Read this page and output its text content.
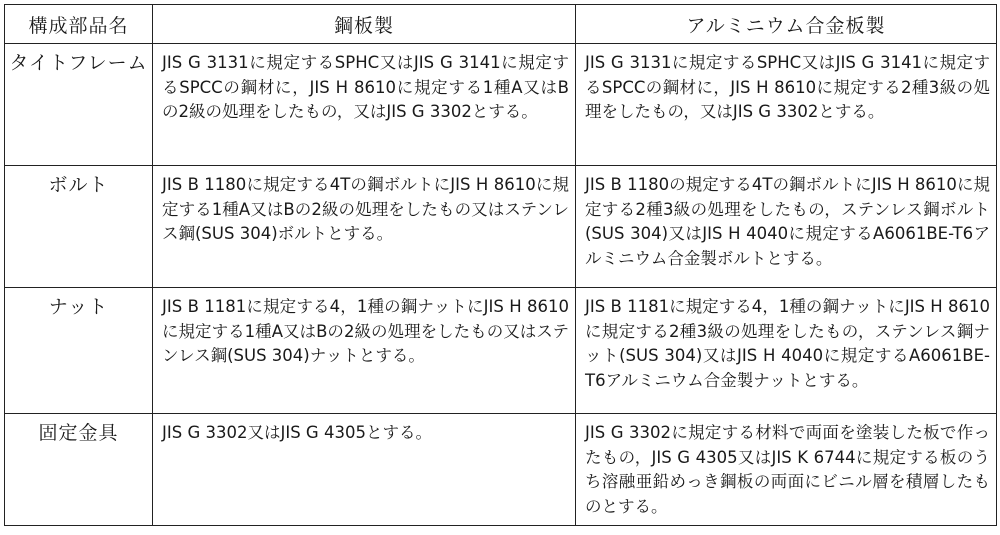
構成部品名	鋼板製	アルミニウム合金板製
タイトフレーム	JIS G 3131に規定するSPHC又はJIS G 3141に規定するSPCCの鋼材に，JIS H 8610に規定する1種A又はBの2級の処理をしたもの，又はJIS G 3302とする。	JIS G 3131に規定するSPHC又はJIS G 3141に規定するSPCCの鋼材に，JIS H 8610に規定する2種3級の処理をしたもの，又はJIS G 3302とする。
ボルト	JIS B 1180に規定する4Tの鋼ボルトにJIS H 8610に規定する1種A又はBの2級の処理をしたもの又はステンレス鋼(SUS 304)ボルトとする。	JIS B 1180の規定する4Tの鋼ボルトにJIS H 8610に規定する2種3級の処理をしたもの，ステンレス鋼ボルト(SUS 304)又はJIS H 4040に規定するA6061BE-T6アルミニウム合金製ボルトとする。
ナット	JIS B 1181に規定する4，1種の鋼ナットにJIS H 8610に規定する1種A又はBの2級の処理をしたもの又はステンレス鋼(SUS 304)ナットとする。	JIS B 1181に規定する4，1種の鋼ナットにJIS H 8610に規定する2種3級の処理をしたもの，ステンレス鋼ナット(SUS 304)又はJIS H 4040に規定するA6061BE-T6アルミニウム合金製ナットとする。
固定金具	JIS G 3302又はJIS G 4305とする。	JIS G 3302に規定する材料で両面を塗装した板で作ったもの，JIS G 4305又はJIS K 6744に規定する板のうち溶融亜鉛めっき鋼板の両面にビニル層を積層したものとする。
